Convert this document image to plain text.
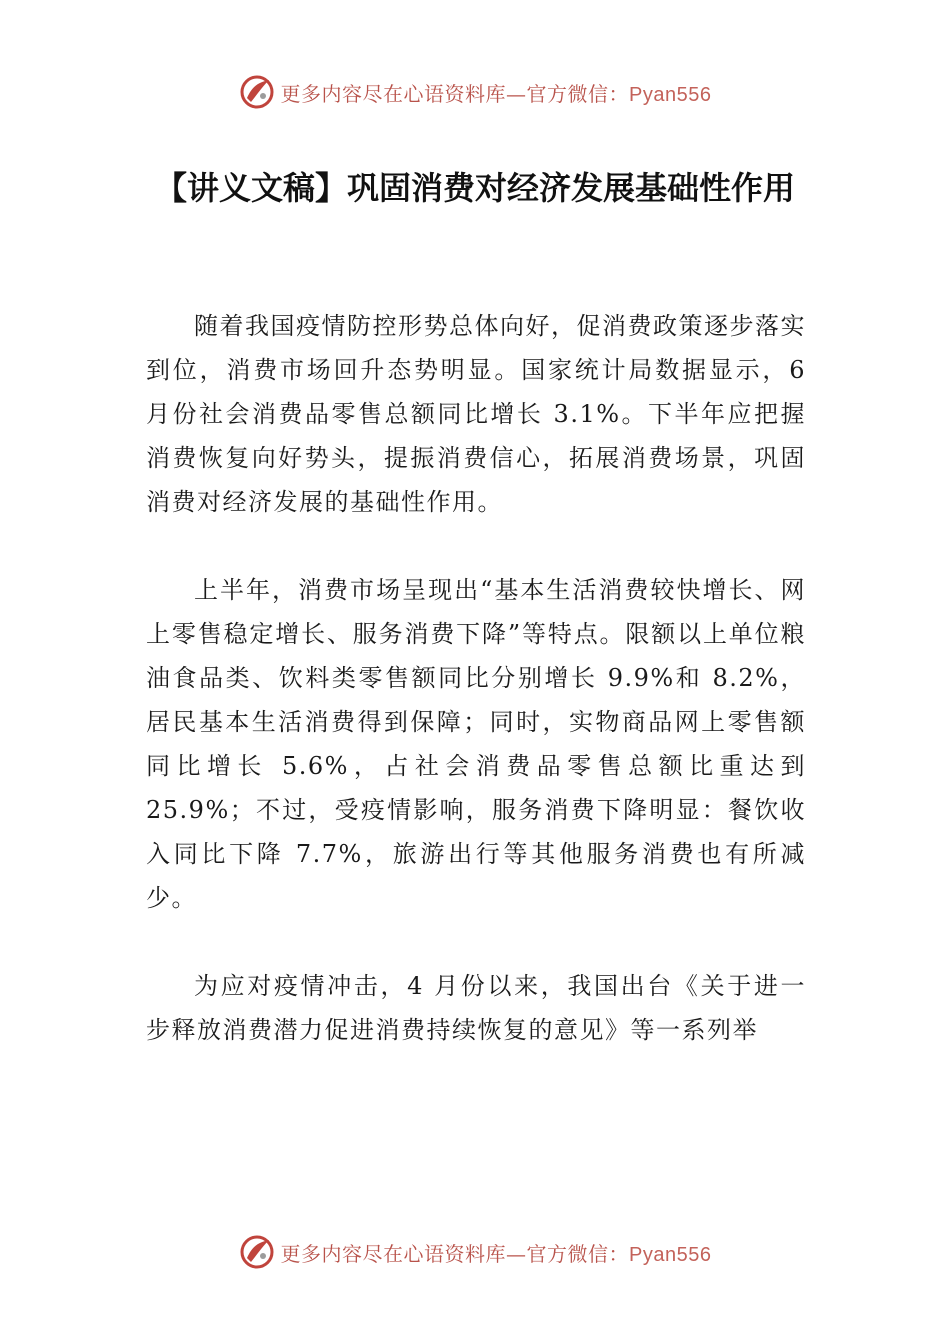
更多内容尽在心语资料库—官方微信：Pyan556
【讲义文稿】巩固消费对经济发展基础性作用

随着我国疫情防控形势总体向好，促消费政策逐步落实到位，消费市场回升态势明显。国家统计局数据显示，6 月份社会消费品零售总额同比增长 3.1%。下半年应把握消费恢复向好势头，提振消费信心，拓展消费场景，巩固消费对经济发展的基础性作用。

上半年，消费市场呈现出“基本生活消费较快增长、网上零售稳定增长、服务消费下降”等特点。限额以上单位粮油食品类、饮料类零售额同比分别增长 9.9%和 8.2%，居民基本生活消费得到保障；同时，实物商品网上零售额同比增长 5.6%，占社会消费品零售总额比重达到 25.9%；不过，受疫情影响，服务消费下降明显：餐饮收入同比下降 7.7%，旅游出行等其他服务消费也有所减少。

为应对疫情冲击，4 月份以来，我国出台《关于进一步释放消费潜力促进消费持续恢复的意见》等一系列举

更多内容尽在心语资料库—官方微信：Pyan556
